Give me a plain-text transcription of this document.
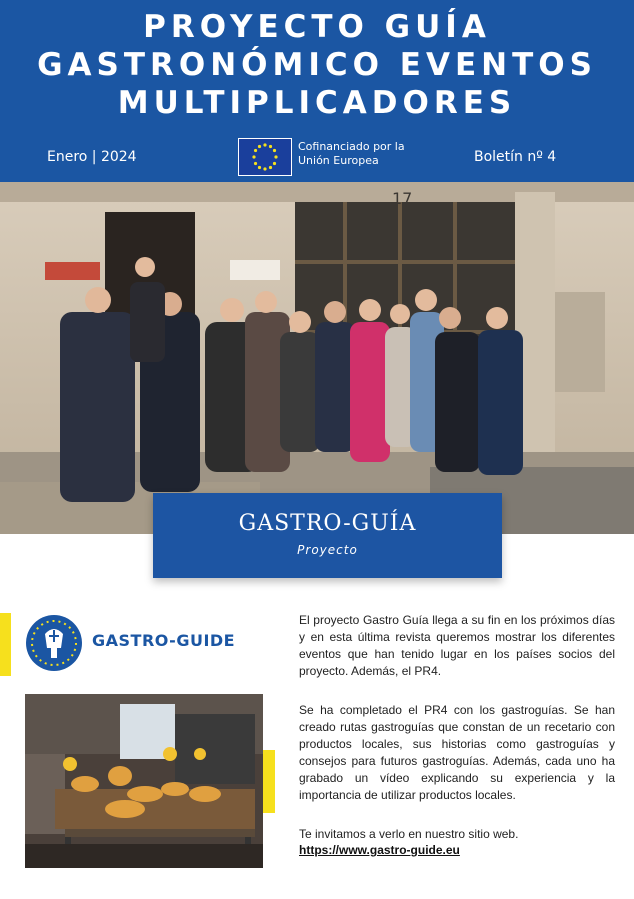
PROYECTO GUÍA
GASTRONÓMICO EVENTOS
MULTIPLICADORES
Enero | 2024
Cofinanciado por la
Unión Europea	Boletín nº 4
17
GASTRO-GUÍA
Proyecto
GASTRO-GUIDE
El proyecto Gastro Guía llega a su fin en los próximos días y en esta última revista queremos mostrar los diferentes eventos que han tenido lugar en los países socios del proyecto. Además, el PR4.
Se ha completado el PR4 con los gastroguías. Se han creado rutas gastroguías que constan de un recetario con productos locales, sus historias como gastroguías y consejos para futuros gastroguías. Además, cada uno ha grabado un vídeo explicando su experiencia y la importancia de utilizar productos locales.
Te invitamos a verlo en nuestro sitio web.
https://www.gastro-guide.eu
